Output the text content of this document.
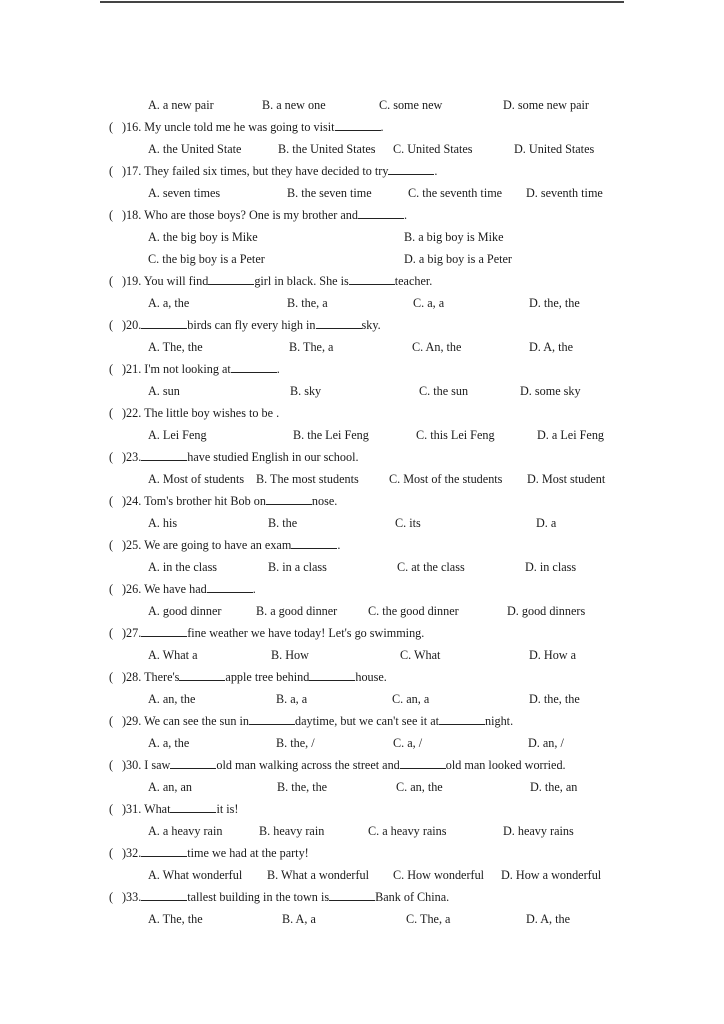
A. a new pair	B. a new one	C. some new	D. some new pair
( ) 16. My uncle told me he was going to visit	.
A. the United State	B. the United States C. United States	D. United States
( ) 17. They failed six times, but they have decided to try	.
A. seven times	B. the seven time	C. the seventh time D. seventh time
( ) 18. Who are those boys? One is my brother and	.
A. the big boy is Mike	B. a big boy is Mike
C. the big boy is a Peter	D. a big boy is a Peter
( ) 19. You will find	girl in black. She is	teacher.
A. a, the	B. the, a	C. a, a	D. the, the
( ) 20.	birds can fly every high in	sky.
A. The, the	B. The, a	C. An, the	D. A, the
( ) 21. I'm not looking at	.
A. sun	B. sky	C. the sun	D. some sky
( ) 22. The little boy wishes to be .
A. Lei Feng	B. the Lei Feng	C. this Lei Feng	D. a Lei Feng
( ) 23.	have studied English in our school.
A. Most of students B. The most students C. Most of the students D. Most student
( ) 24. Tom's brother hit Bob on	nose.
A. his	B. the	C. its	D. a
( ) 25. We are going to have an exam	.
A. in the class	B. in a class	C. at the class	D. in class
( ) 26. We have had	.
A. good dinner	B. a good dinner	C. the good dinner	D. good dinners
( ) 27.	fine weather we have today! Let's go swimming.
A. What a	B. How	C. What	D. How a
( ) 28. There's	apple tree behind	house.
A. an, the	B. a, a	C. an, a	D. the, the
( ) 29. We can see the sun in	daytime, but we can't see it at	night.
A. a, the	B. the, /	C. a, /	D. an, /
( ) 30. I saw	old man walking across the street and	old man looked worried.
A. an, an	B. the, the	C. an, the	D. the, an
( ) 31. What	it is!
A. a heavy rain	B. heavy rain	C. a heavy rains	D. heavy rains
( ) 32.	time we had at the party!
A. What wonderful B. What a wonderful C. How wonderful D. How a wonderful
( ) 33.	tallest building in the town is	Bank of China.
A. The, the	B. A, a	C. The, a	D. A, the
